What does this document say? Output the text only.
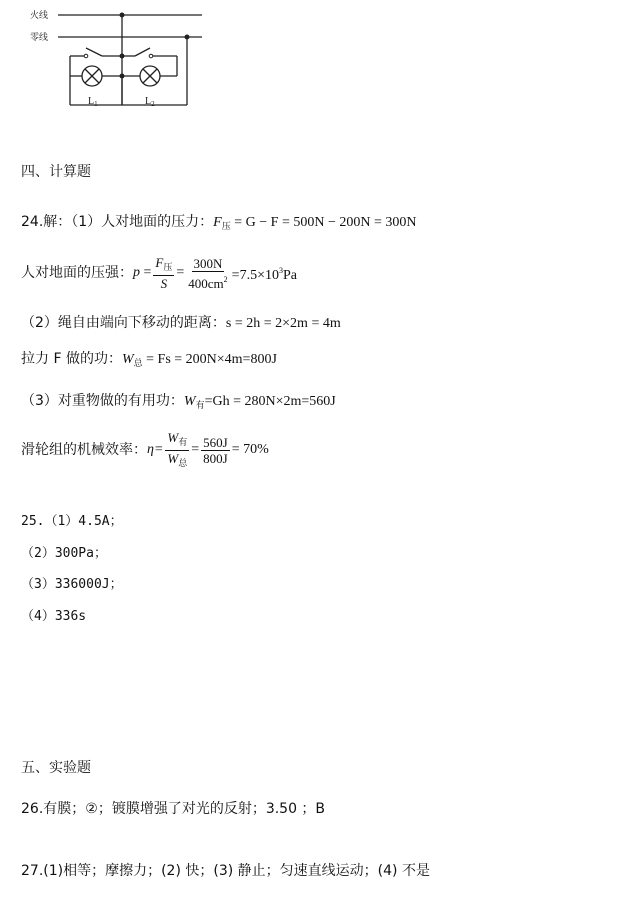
火线
零线
$L_1$	$L_2$
四、计算题
24.解：（1）人对地面的压力：$F_压 = G - F = 500N - 200N = 300N$
人对地面的压强： $p = \frac{F_压}{S} = \frac{300N}{400cm^2} =7.5\times 10^3Pa$
（2）绳自由端向下移动的距离：s = 2h = 2×2m = 4m
拉力 F 做的功：$W_总 = Fs = 200N\times 4m=800J$
（3）对重物做的有用功：$W_有=Gh = 280N\times 2m=560J$
滑轮组的机械效率： $\eta= \frac{W_有}{W_总} = \frac{560J}{800J} = 70\%$
25.（1）4.5A；
（2）300Pa；
（3）336000J；
（4）336s
五、实验题
26.有膜；②；镀膜增强了对光的反射；3.50 ；B
27.(1)相等；摩擦力；(2) 快；(3) 静止；匀速直线运动；(4) 不是
